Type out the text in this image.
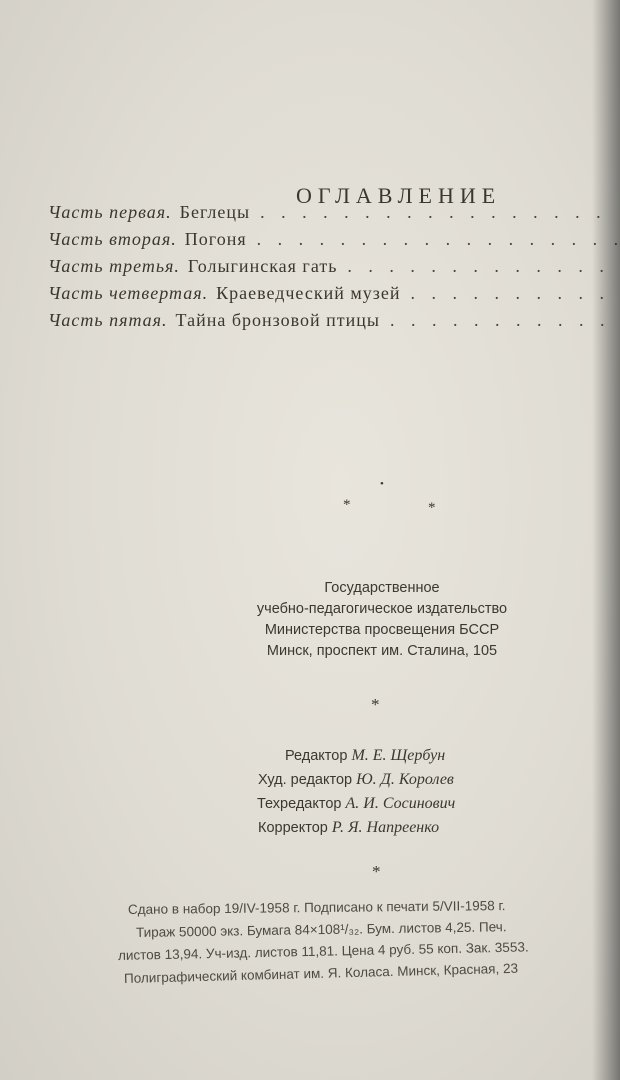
ОГЛАВЛЕНИЕ
Часть первая. Беглецы
. . .
Часть вторая. Погоня
. . .
Часть третья. Голыгинская гать
. . .
Часть четвертая. Краеведческий музей
. . .
Часть пятая. Тайна бронзовой птицы
. . .
•
*	*
Государственное
учебно-педагогическое издательство
Министерства просвещения БССР
Минск, проспект им. Сталина, 105
*
Редактор М. Е. Щербун
Худ. редактор Ю. Д. Королев
Техредактор А. И. Сосинович
Корректор Р. Я. Напреенко
*
Сдано в набор 19/IV-1958 г. Подписано к печати 5/VII-1958 г.
Тираж 50000 экз. Бумага 84×108¹/₃₂. Бум. листов 4,25. Печ.
листов 13,94. Уч-изд. листов 11,81. Цена 4 руб. 55 коп. Зак. 3553.
Полиграфический комбинат им. Я. Коласа. Минск, Красная, 23
